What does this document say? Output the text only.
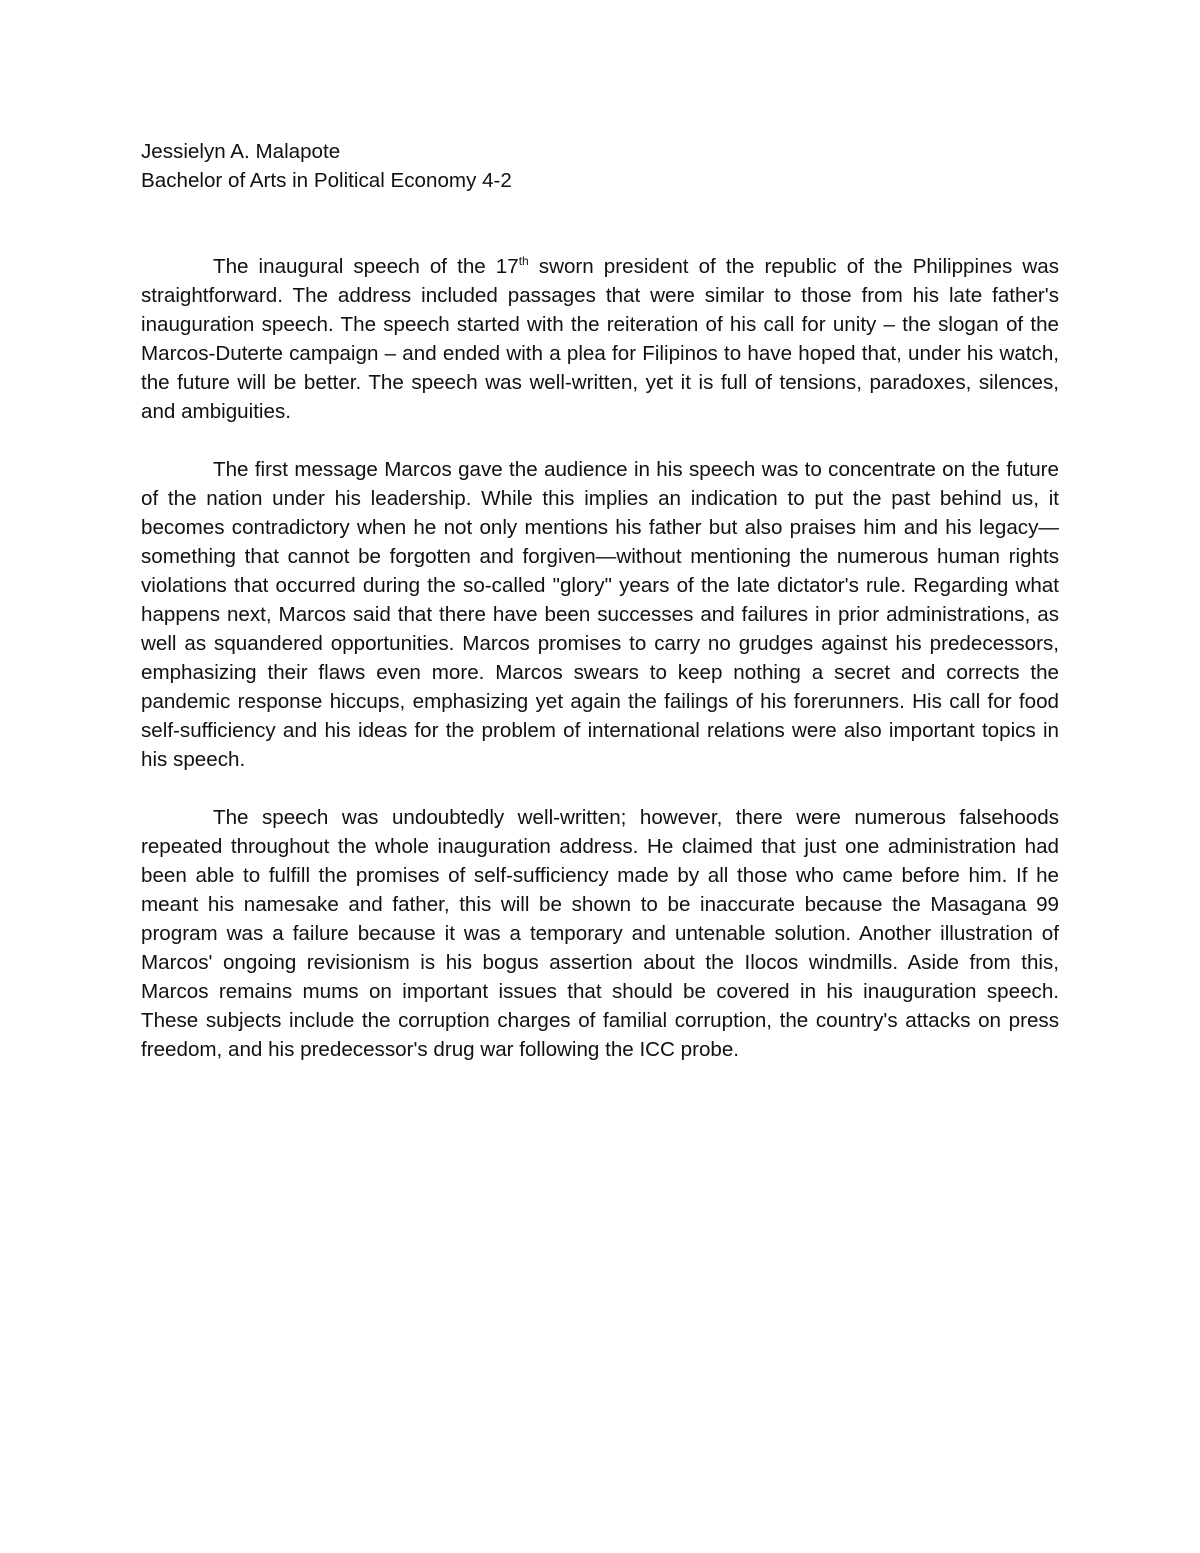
Jessielyn A. Malapote
Bachelor of Arts in Political Economy 4-2

The inaugural speech of the 17th sworn president of the republic of the Philippines was straightforward. The address included passages that were similar to those from his late father's inauguration speech. The speech started with the reiteration of his call for unity – the slogan of the Marcos-Duterte campaign – and ended with a plea for Filipinos to have hoped that, under his watch, the future will be better. The speech was well-written, yet it is full of tensions, paradoxes, silences, and ambiguities.

The first message Marcos gave the audience in his speech was to concentrate on the future of the nation under his leadership. While this implies an indication to put the past behind us, it becomes contradictory when he not only mentions his father but also praises him and his legacy—something that cannot be forgotten and forgiven—without mentioning the numerous human rights violations that occurred during the so-called "glory" years of the late dictator's rule. Regarding what happens next, Marcos said that there have been successes and failures in prior administrations, as well as squandered opportunities. Marcos promises to carry no grudges against his predecessors, emphasizing their flaws even more. Marcos swears to keep nothing a secret and corrects the pandemic response hiccups, emphasizing yet again the failings of his forerunners. His call for food self-sufficiency and his ideas for the problem of international relations were also important topics in his speech.

The speech was undoubtedly well-written; however, there were numerous falsehoods repeated throughout the whole inauguration address. He claimed that just one administration had been able to fulfill the promises of self-sufficiency made by all those who came before him. If he meant his namesake and father, this will be shown to be inaccurate because the Masagana 99 program was a failure because it was a temporary and untenable solution. Another illustration of Marcos' ongoing revisionism is his bogus assertion about the Ilocos windmills. Aside from this, Marcos remains mums on important issues that should be covered in his inauguration speech. These subjects include the corruption charges of familial corruption, the country's attacks on press freedom, and his predecessor's drug war following the ICC probe.
